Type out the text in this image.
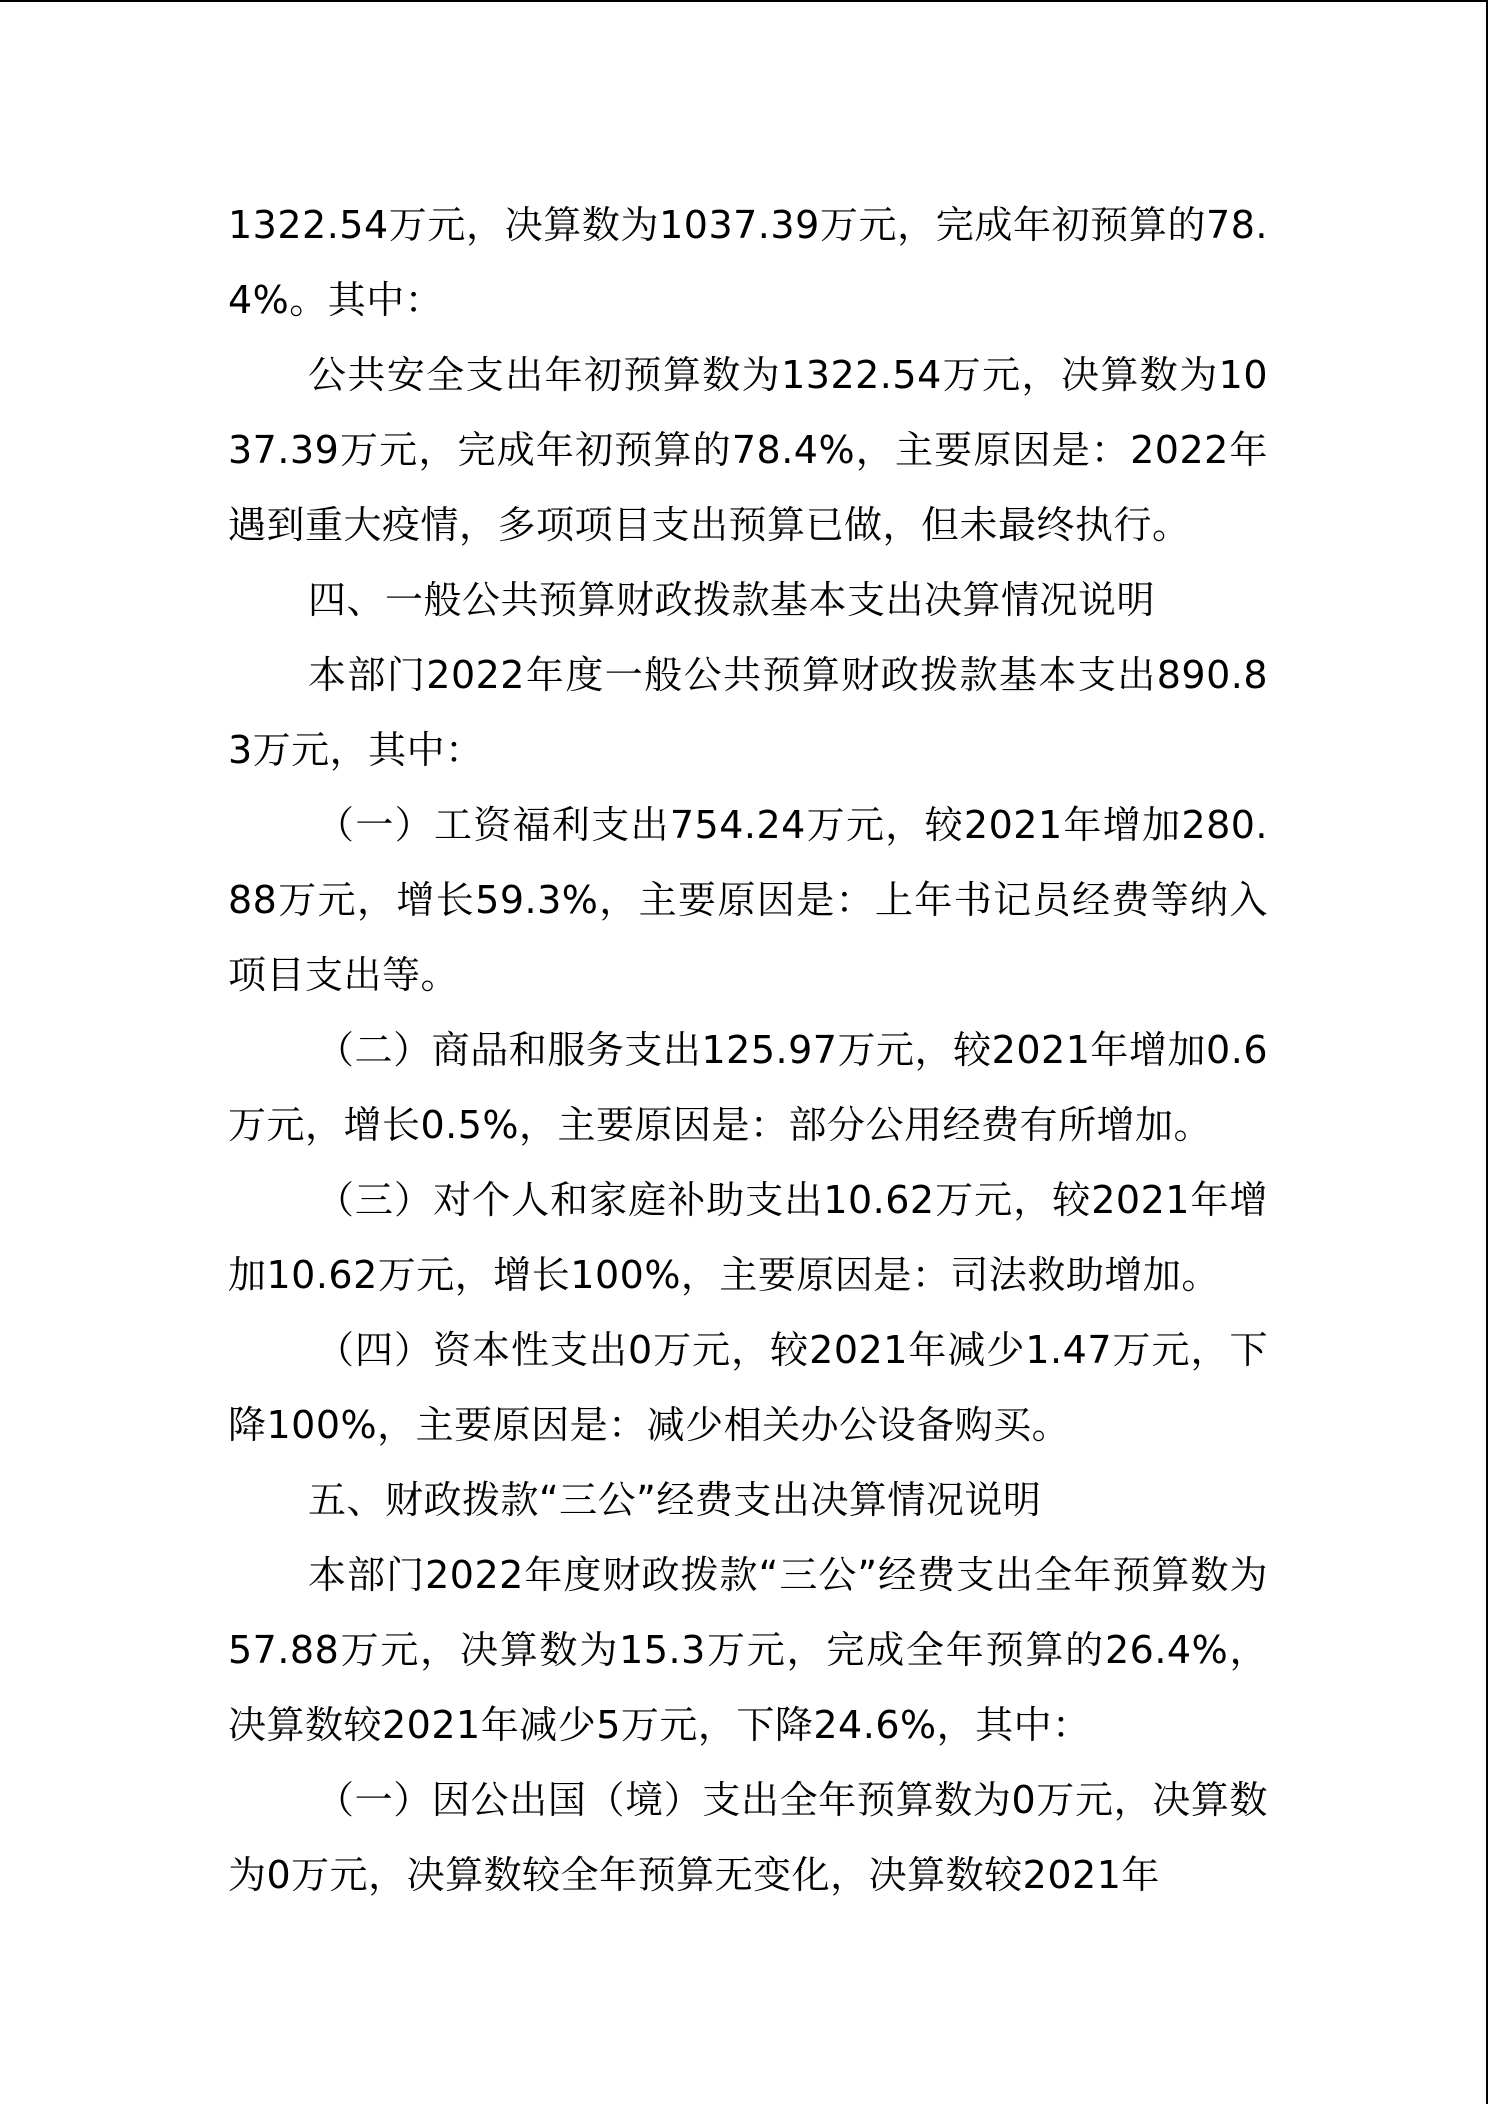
1322.54万元，决算数为1037.39万元，完成年初预算的78.4%。其中：

公共安全支出年初预算数为1322.54万元，决算数为1037.39万元，完成年初预算的78.4%，主要原因是：2022年遇到重大疫情，多项项目支出预算已做，但未最终执行。

四、一般公共预算财政拨款基本支出决算情况说明

本部门2022年度一般公共预算财政拨款基本支出890.83万元，其中：

（一）工资福利支出754.24万元，较2021年增加280.88万元，增长59.3%，主要原因是：上年书记员经费等纳入项目支出等。

（二）商品和服务支出125.97万元，较2021年增加0.6万元，增长0.5%，主要原因是：部分公用经费有所增加。

（三）对个人和家庭补助支出10.62万元，较2021年增加10.62万元，增长100%，主要原因是：司法救助增加。

（四）资本性支出0万元，较2021年减少1.47万元，下降100%，主要原因是：减少相关办公设备购买。

五、财政拨款“三公”经费支出决算情况说明

本部门2022年度财政拨款“三公”经费支出全年预算数为57.88万元，决算数为15.3万元，完成全年预算的26.4%，决算数较2021年减少5万元，下降24.6%，其中：

（一）因公出国（境）支出全年预算数为0万元，决算数为0万元，决算数较全年预算无变化，决算数较2021年
